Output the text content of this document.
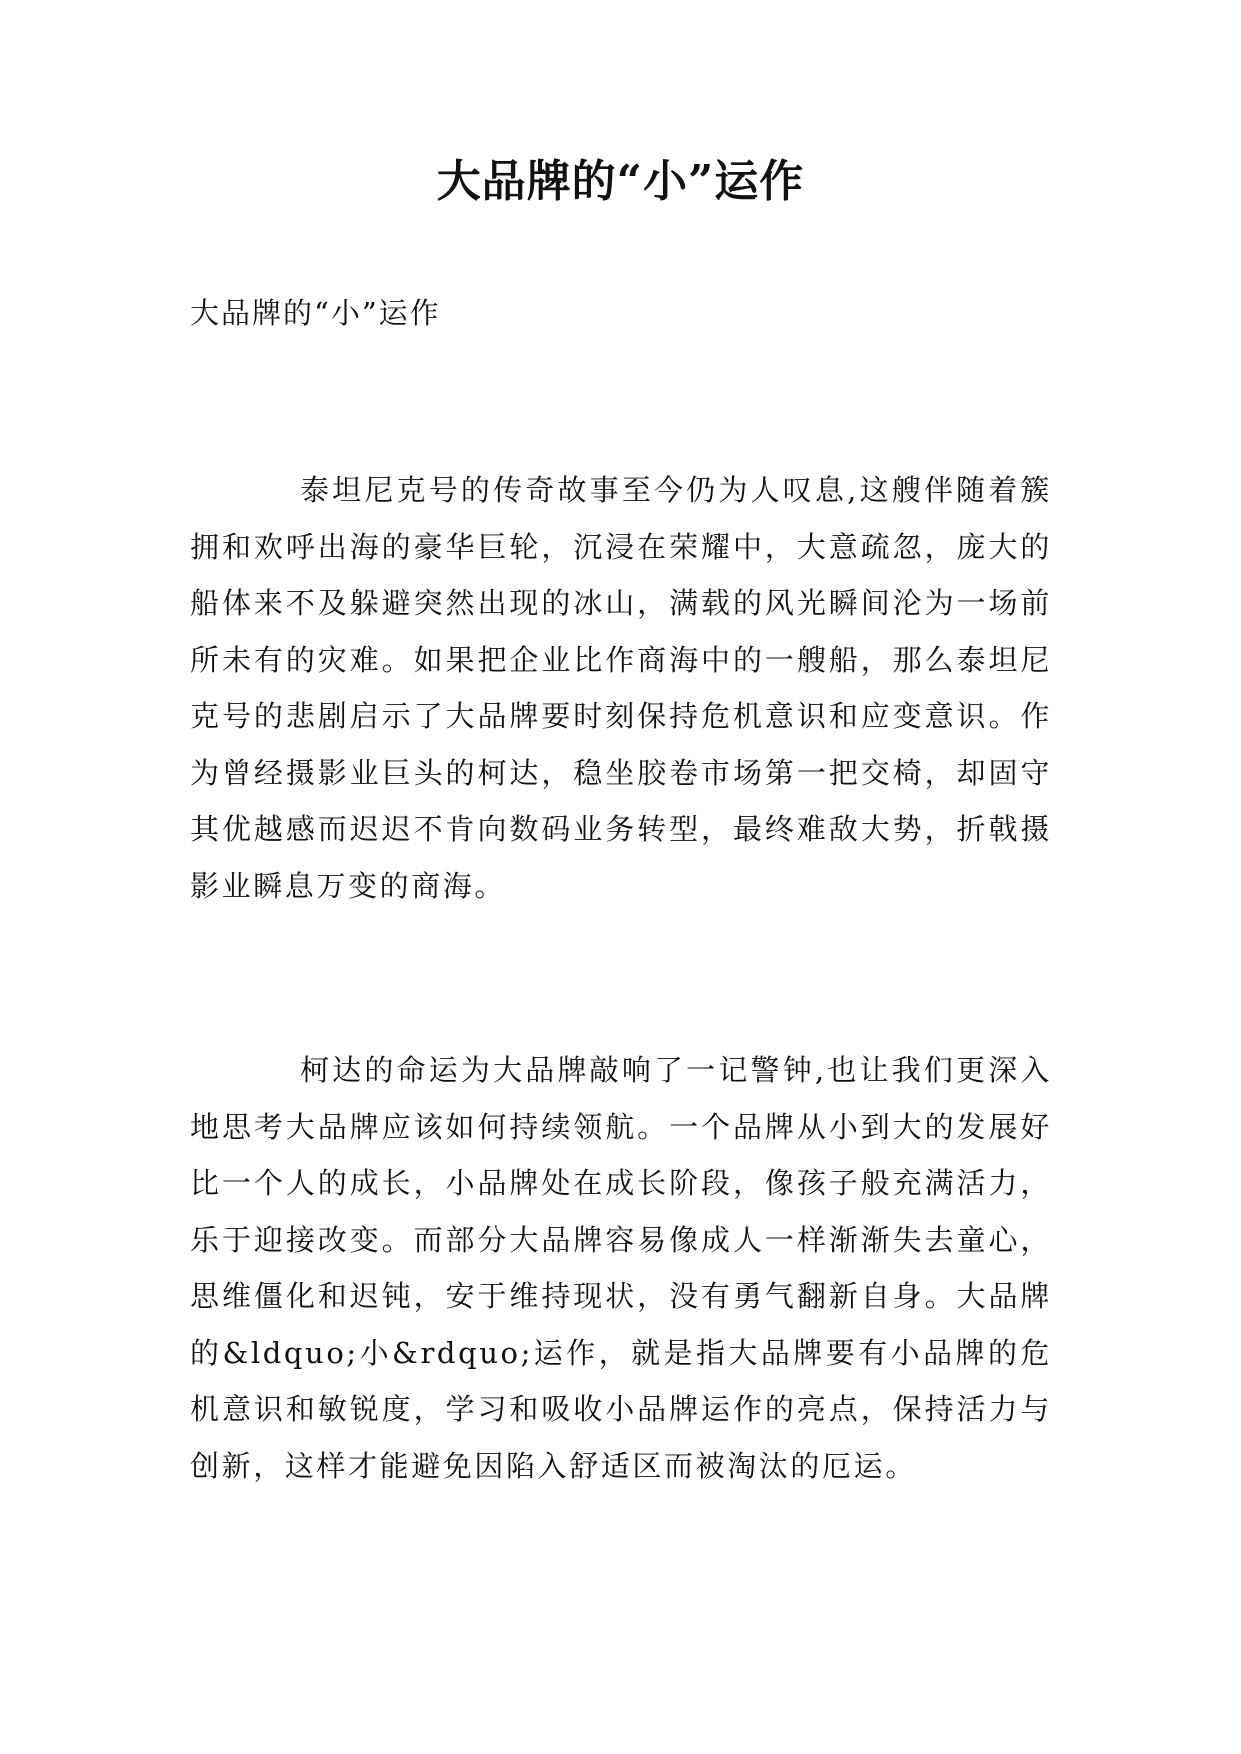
大品牌的“小”运作

大品牌的“小”运作

泰坦尼克号的传奇故事至今仍为人叹息,这艘伴随着簇拥和欢呼出海的豪华巨轮，沉浸在荣耀中，大意疏忽，庞大的船体来不及躲避突然出现的冰山，满载的风光瞬间沦为一场前所未有的灾难。如果把企业比作商海中的一艘船，那么泰坦尼克号的悲剧启示了大品牌要时刻保持危机意识和应变意识。作为曾经摄影业巨头的柯达，稳坐胶卷市场第一把交椅，却固守其优越感而迟迟不肯向数码业务转型，最终难敌大势，折戟摄影业瞬息万变的商海。

柯达的命运为大品牌敲响了一记警钟,也让我们更深入地思考大品牌应该如何持续领航。一个品牌从小到大的发展好比一个人的成长，小品牌处在成长阶段，像孩子般充满活力，乐于迎接改变。而部分大品牌容易像成人一样渐渐失去童心，思维僵化和迟钝，安于维持现状，没有勇气翻新自身。大品牌的&ldquo;小&rdquo;运作，就是指大品牌要有小品牌的危机意识和敏锐度，学习和吸收小品牌运作的亮点，保持活力与创新，这样才能避免因陷入舒适区而被淘汰的厄运。
